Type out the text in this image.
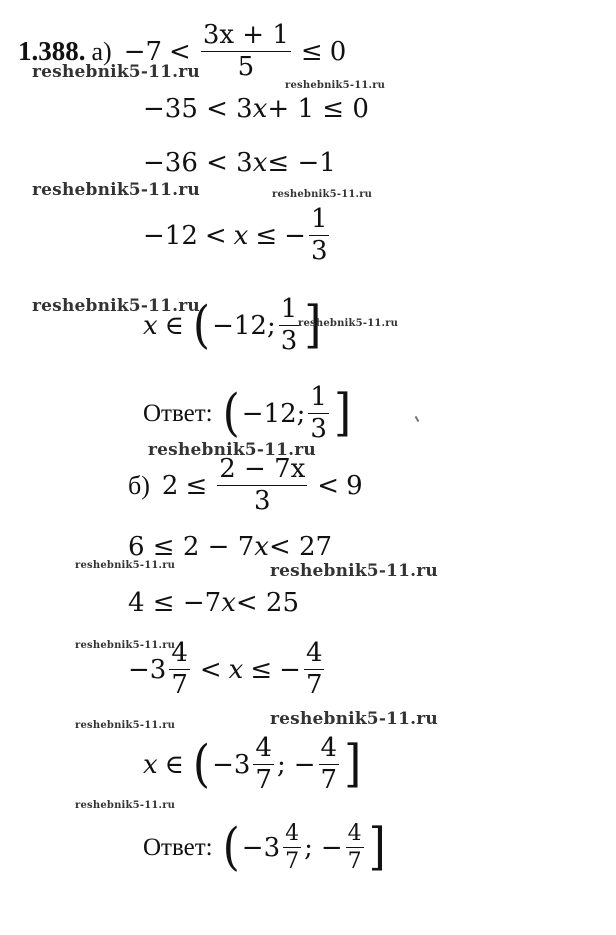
1.388. $а) -7 < \frac{3x + 1}{5} \le 0$
−35 < 3 x + 1 ≤ 0
−36 < 3 x ≤ −1
−12 < x ≤ − $\frac{1}{3}$
x ∈ ( −12; $\frac{1}{3}$ ]
Ответ: ( −12; $\frac{1}{3}$ ]
б) $2 \le \frac{2 - 7x}{3} < 9$
6 ≤ 2 − 7 x < 27
4 ≤ −7 x < 25
$-3 \frac{4}{7} < x$ ≤ − $\frac{4}{7}$
x ∈ ( $-3 \frac{4}{7}$ ; − $\frac{4}{7}$ ]
Ответ: ( $-3 \frac{4}{7}$ ; − $\frac{4}{7}$ ]
reshebnik5-11.ru
reshebnik5-11.ru
reshebnik5-11.ru	reshebnik5-11.ru
reshebnik5-11.ru
reshebnik5-11.ru
reshebnik5-11.ru
reshebnik5-11.ru	reshebnik5-11.ru
reshebnik5-11.ru
reshebnik5-11.ru	reshebnik5-11.ru
reshebnik5-11.ru
